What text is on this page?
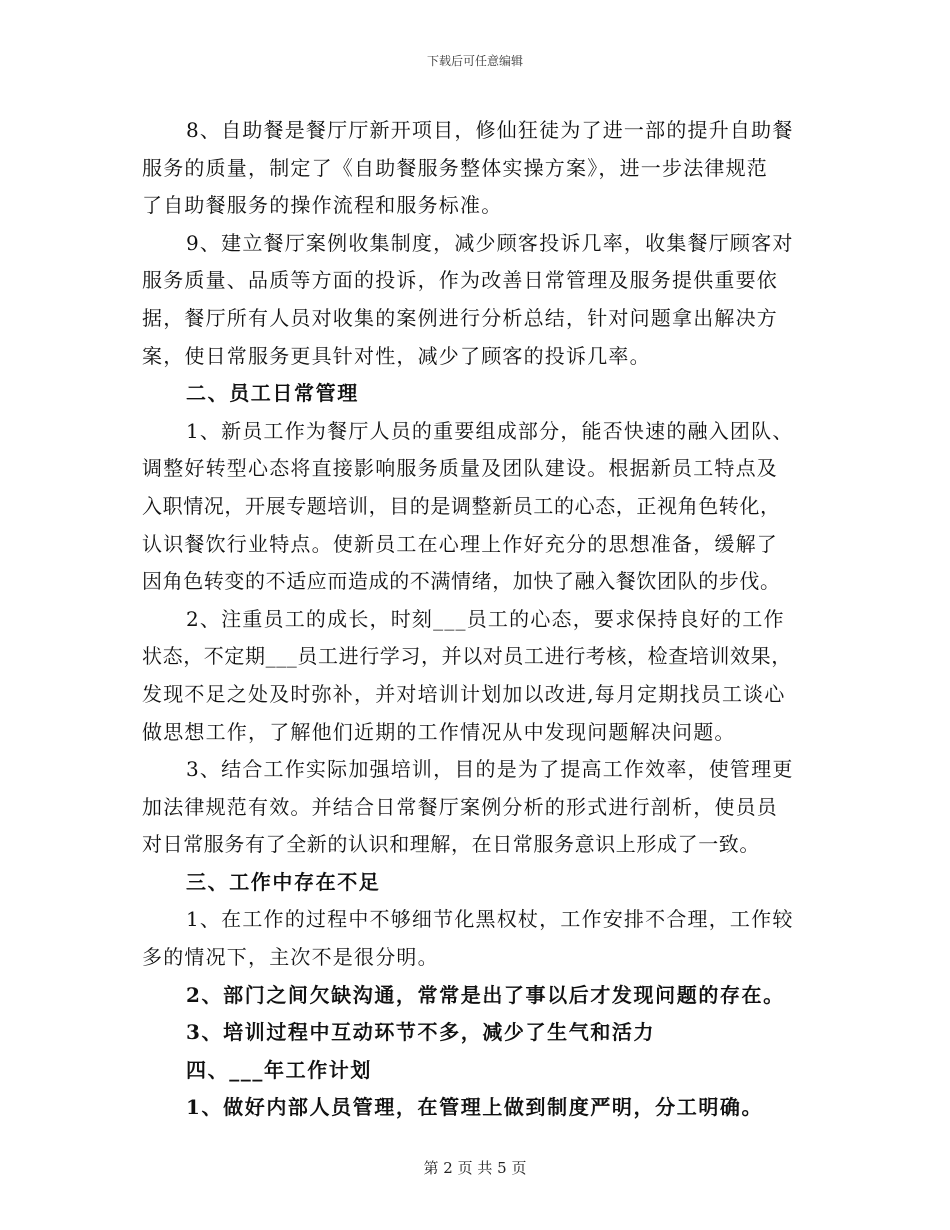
下载后可任意编辑
8、自助餐是餐厅厅新开项目，修仙狂徒为了进一部的提升自助餐
服务的质量，制定了《自助餐服务整体实操方案》，进一步法律规范
了自助餐服务的操作流程和服务标准。
9、建立餐厅案例收集制度，减少顾客投诉几率，收集餐厅顾客对
服务质量、品质等方面的投诉，作为改善日常管理及服务提供重要依
据，餐厅所有人员对收集的案例进行分析总结，针对问题拿出解决方
案，使日常服务更具针对性，减少了顾客的投诉几率。
二、员工日常管理
1、新员工作为餐厅人员的重要组成部分，能否快速的融入团队、
调整好转型心态将直接影响服务质量及团队建设。根据新员工特点及
入职情况，开展专题培训，目的是调整新员工的心态，正视角色转化，
认识餐饮行业特点。使新员工在心理上作好充分的思想准备，缓解了
因角色转变的不适应而造成的不满情绪，加快了融入餐饮团队的步伐。
2、注重员工的成长，时刻___员工的心态，要求保持良好的工作
状态，不定期___员工进行学习，并以对员工进行考核，检查培训效果，
发现不足之处及时弥补，并对培训计划加以改进,每月定期找员工谈心
做思想工作，了解他们近期的工作情况从中发现问题解决问题。
3、结合工作实际加强培训，目的是为了提高工作效率，使管理更
加法律规范有效。并结合日常餐厅案例分析的形式进行剖析，使员员
对日常服务有了全新的认识和理解，在日常服务意识上形成了一致。
三、工作中存在不足
1、在工作的过程中不够细节化黑权杖，工作安排不合理，工作较
多的情况下，主次不是很分明。
2、部门之间欠缺沟通，常常是出了事以后才发现问题的存在。
3、培训过程中互动环节不多，减少了生气和活力
四、___年工作计划
1、做好内部人员管理，在管理上做到制度严明，分工明确。
第 2 页 共 5 页
